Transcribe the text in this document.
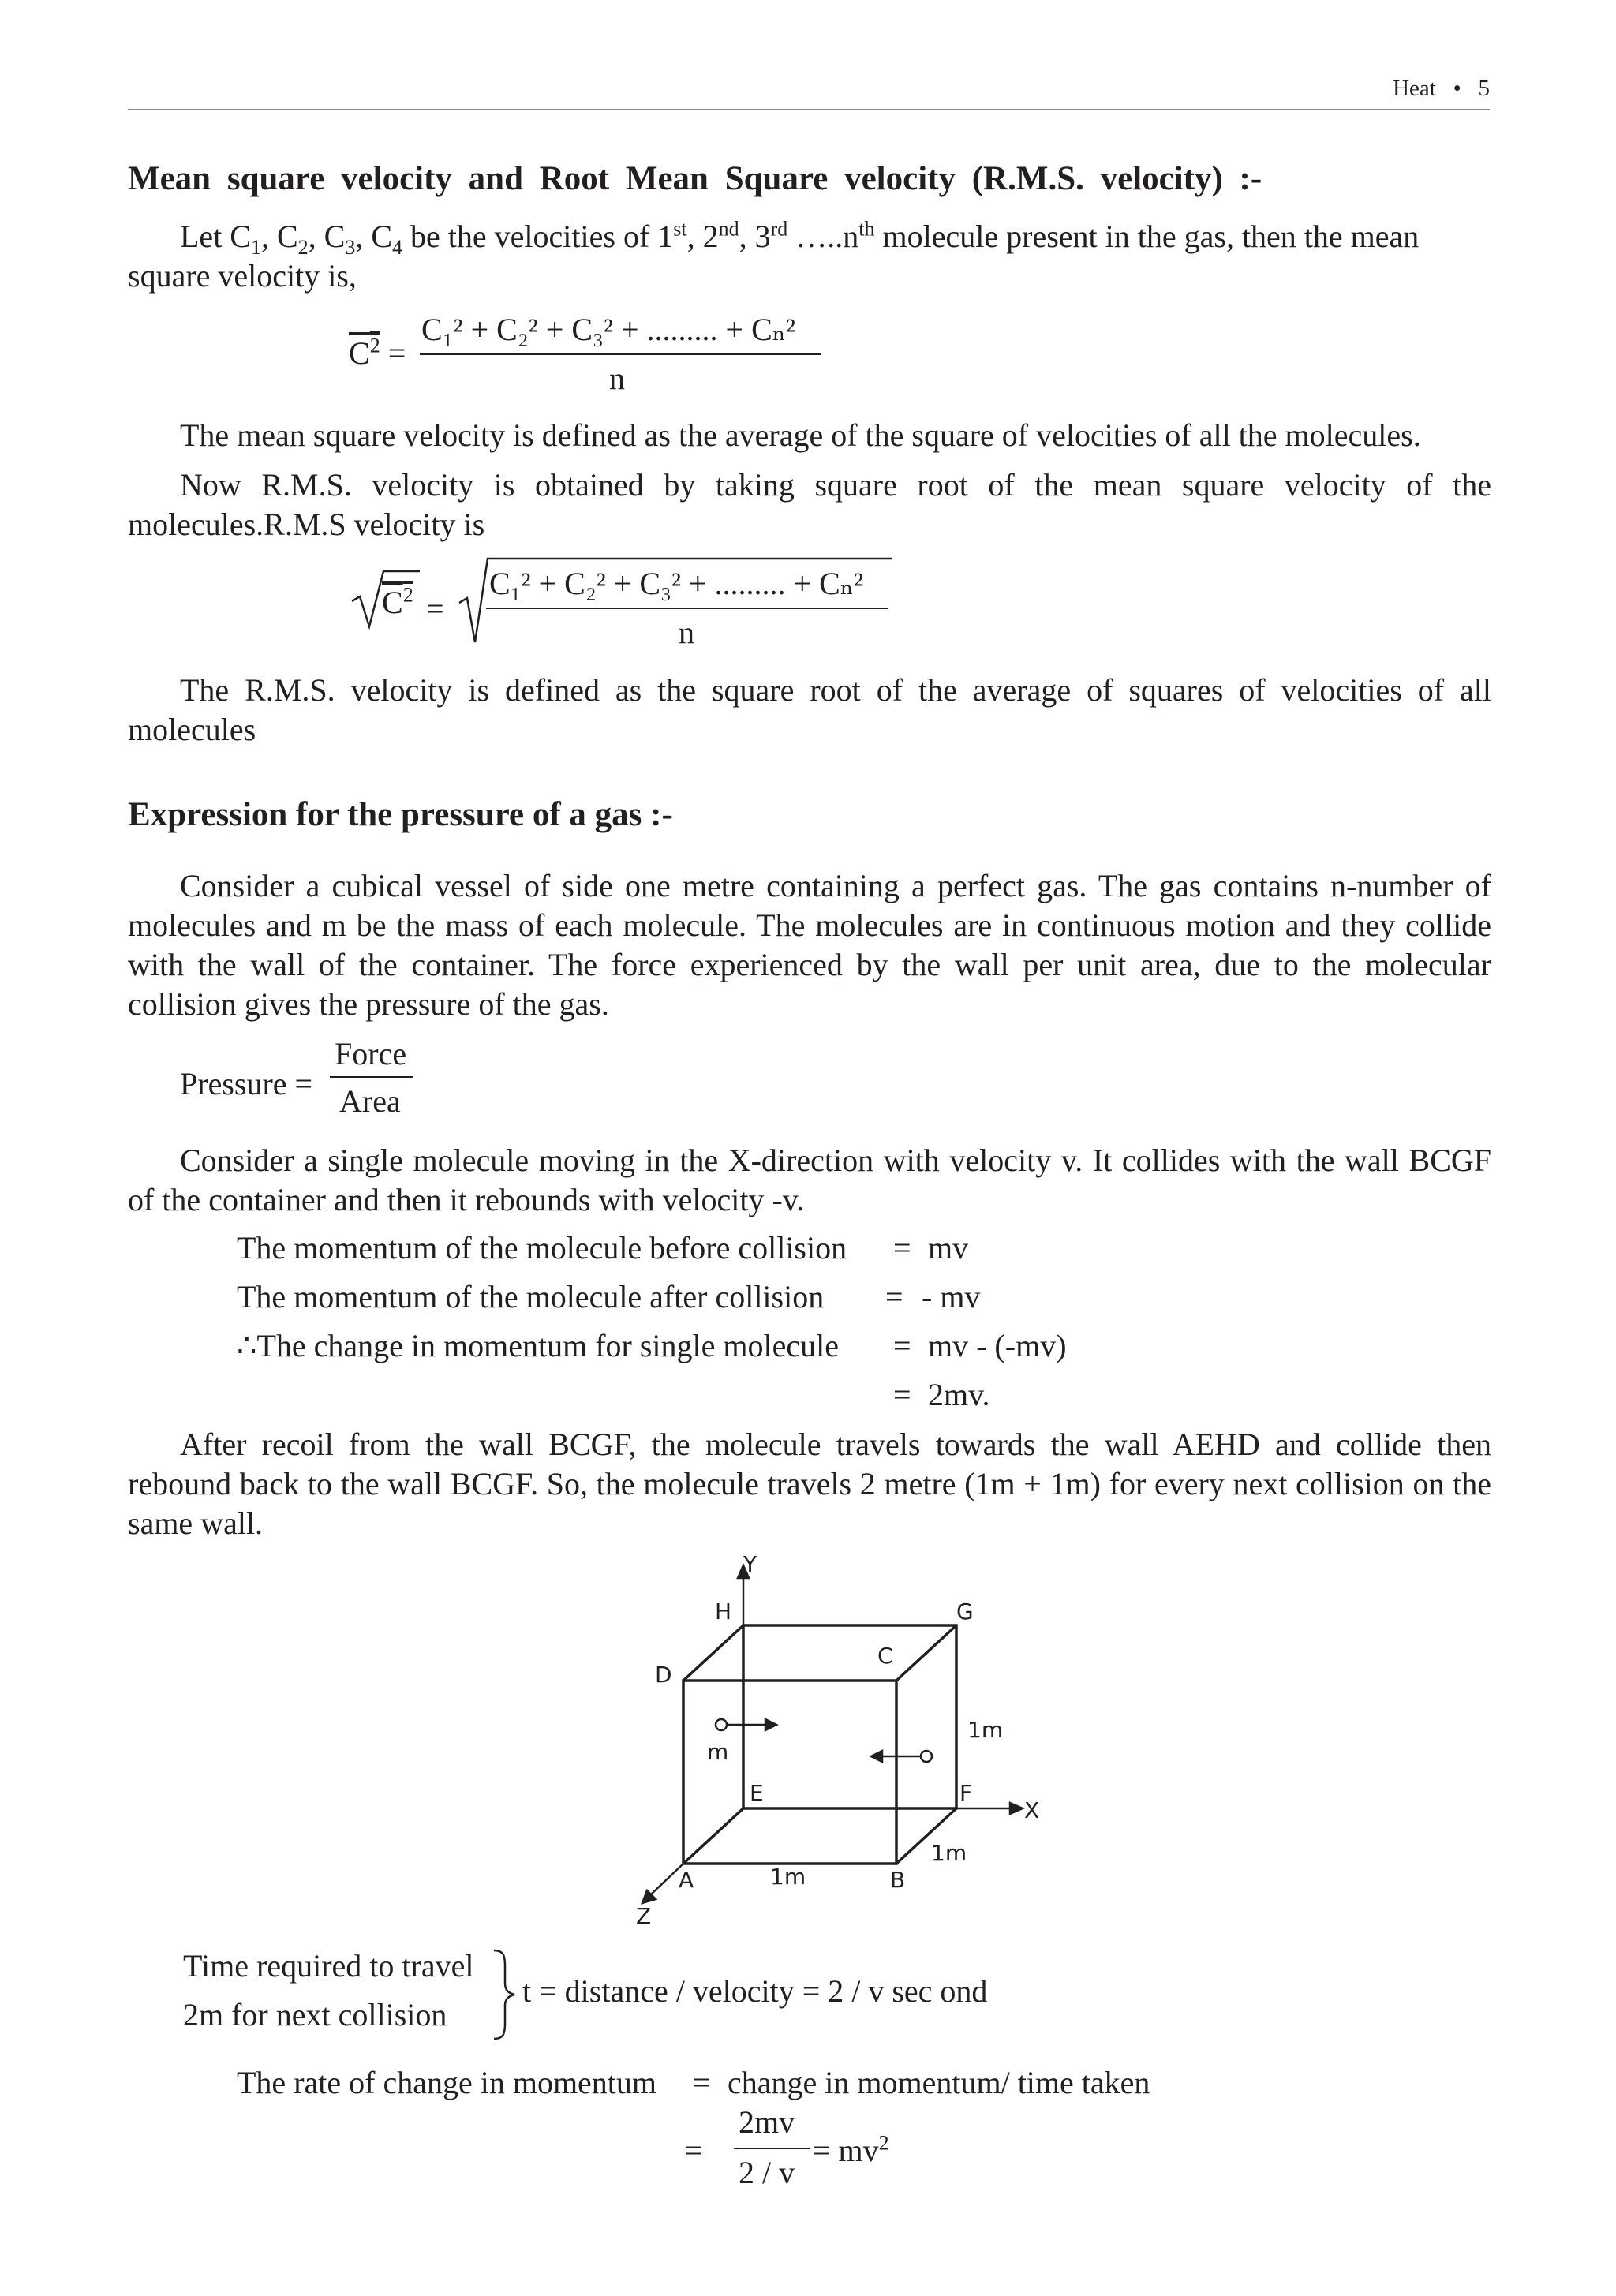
Heat • 5
Mean square velocity and Root Mean Square velocity (R.M.S. velocity) :-
Let $C_1$, $C_2$, $C_3$, $C_4$ be the velocities of 1st, 2nd, 3rd $\dots..n^{th}$ molecule present in the gas, then the mean
square velocity is,
$C^2$ =
C₁² + C₂² + C₃² + ......... + Cₙ²
n
The mean square velocity is defined as the average of the square of velocities of all the molecules.
Now R.M.S. velocity is obtained by taking square root of the mean square velocity of the molecules.R.M.S velocity is
$C^2$ =
C₁² + C₂² + C₃² + ......... + Cₙ²
n
The R.M.S. velocity is defined as the square root of the average of squares of velocities of all molecules
Expression for the pressure of a gas :-
Consider a cubical vessel of side one metre containing a perfect gas. The gas contains n-number of molecules and m be the mass of each molecule. The molecules are in continuous motion and they collide with the wall of the container. The force experienced by the wall per unit area, due to the molecular collision gives the pressure of the gas.
Pressure =
Force
Area
Consider a single molecule moving in the X-direction with velocity v. It collides with the wall BCGF of the container and then it rebounds with velocity -v.
The momentum of the molecule before collision = mv
The momentum of the molecule after collision = - mv
∴The change in momentum for single molecule = mv - (-mv)
= 2mv.
After recoil from the wall BCGF, the molecule travels towards the wall AEHD and collide then rebound back to the wall BCGF. So, the molecule travels 2 metre (1m + 1m) for every next collision on the same wall.
Y
H	G
C
D
m
E	F
X
A	B
Z
1m
1m
1m
Time required to travel
2m for next collision
t = distance / velocity = 2 / v sec ond
The rate of change in momentum = change in momentum/ time taken
=
2mv
2 / v
= $mv^2$
